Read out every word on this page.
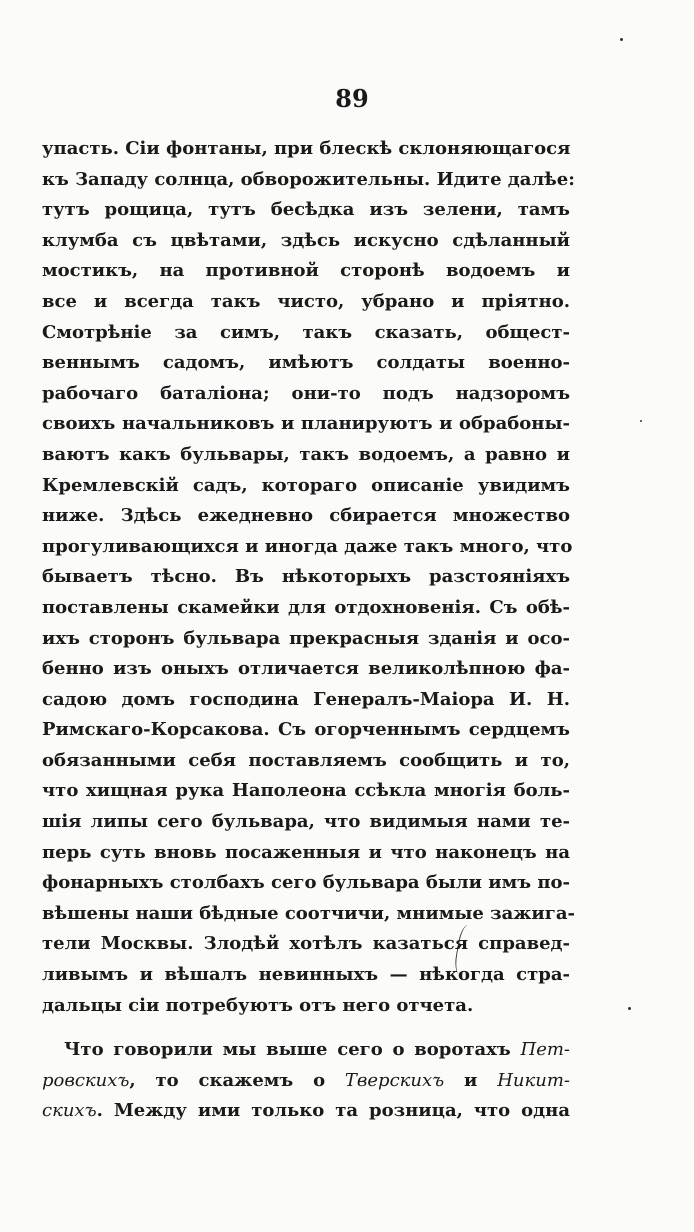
89
упасть. Сіи фонтаны, при блескѣ склоняющагося
къ Западу солнца, обворожительны. Идите далѣе:
тутъ рощица, тутъ бесѣдка изъ зелени, тамъ
клумба съ цвѣтами, здѣсь искусно сдѣланный
мостикъ, на противной сторонѣ водоемъ и
все и всегда такъ чисто, убрано и пріятно.
Смотрѣніе за симъ, такъ сказать, общест-
веннымъ садомъ, имѣютъ солдаты военно-
рабочаго баталіона; они-то подъ надзоромъ
своихъ начальниковъ и планируютъ и обрабоны-
ваютъ какъ бульвары, такъ водоемъ, а равно и
Кремлевскій садъ, котораго описаніе увидимъ
ниже. Здѣсь ежедневно сбирается множество
прогуливающихся и иногда даже такъ много, что
бываетъ тѣсно. Въ нѣкоторыхъ разстояніяхъ
поставлены скамейки для отдохновенія. Съ обѣ-
ихъ сторонъ бульвара прекрасныя зданія и осо-
бенно изъ оныхъ отличается великолѣпною фа-
садою домъ господина Генералъ-Маіора И. Н.
Римскаго-Корсакова. Съ огорченнымъ сердцемъ
обязанными себя поставляемъ сообщить и то,
что хищная рука Наполеона ссѣкла многія боль-
шія липы сего бульвара, что видимыя нами те-
перь суть вновь посаженныя и что наконецъ на
фонарныхъ столбахъ сего бульвара были имъ по-
вѣшены наши бѣдные соотчичи, мнимые зажига-
тели Москвы. Злодѣй хотѣлъ казаться справед-
ливымъ и вѣшалъ невинныхъ — нѣкогда стра-
дальцы сіи потребуютъ отъ него отчета.
Что говорили мы выше сего о воротахъ Пет-
ровскихъ, то скажемъ о Тверскихъ и Никит-
скихъ. Между ими только та розница, что одна
